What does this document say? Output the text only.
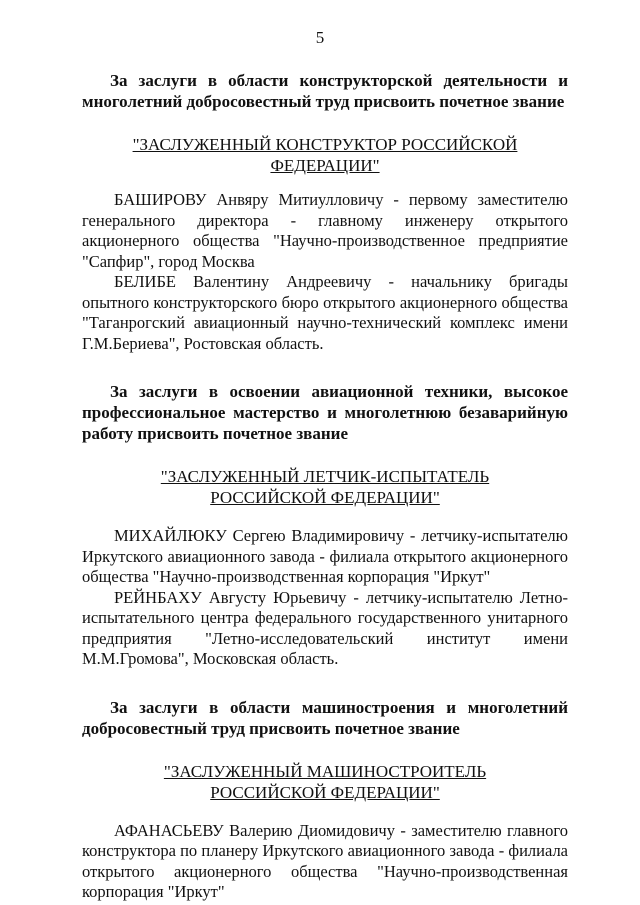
5

За заслуги в области конструкторской деятельности и многолетний добросовестный труд присвоить почетное звание

"ЗАСЛУЖЕННЫЙ КОНСТРУКТОР РОССИЙСКОЙ ФЕДЕРАЦИИ"

БАШИРОВУ Анвяру Митиулловичу - первому заместителю генерального директора - главному инженеру открытого акционерного общества "Научно-производственное предприятие "Сапфир", город Москва

БЕЛИБЕ Валентину Андреевичу - начальнику бригады опытного конструкторского бюро открытого акционерного общества "Таганрогский авиационный научно-технический комплекс имени Г.М.Бериева", Ростовская область.

За заслуги в освоении авиационной техники, высокое профессиональное мастерство и многолетнюю безаварийную работу присвоить почетное звание

"ЗАСЛУЖЕННЫЙ ЛЕТЧИК-ИСПЫТАТЕЛЬ
РОССИЙСКОЙ ФЕДЕРАЦИИ"

МИХАЙЛЮКУ Сергею Владимировичу - летчику-испытателю Иркутского авиационного завода - филиала открытого акционерного общества "Научно-производственная корпорация "Иркут"

РЕЙНБАХУ Августу Юрьевичу - летчику-испытателю Летно-испытательного центра федерального государственного унитарного предприятия "Летно-исследовательский институт имени М.М.Громова", Московская область.

За заслуги в области машиностроения и многолетний добросовестный труд присвоить почетное звание

"ЗАСЛУЖЕННЫЙ МАШИНОСТРОИТЕЛЬ
РОССИЙСКОЙ ФЕДЕРАЦИИ"

АФАНАСЬЕВУ Валерию Диомидовичу - заместителю главного конструктора по планеру Иркутского авиационного завода - филиала открытого акционерного общества "Научно-производственная корпорация "Иркут"
